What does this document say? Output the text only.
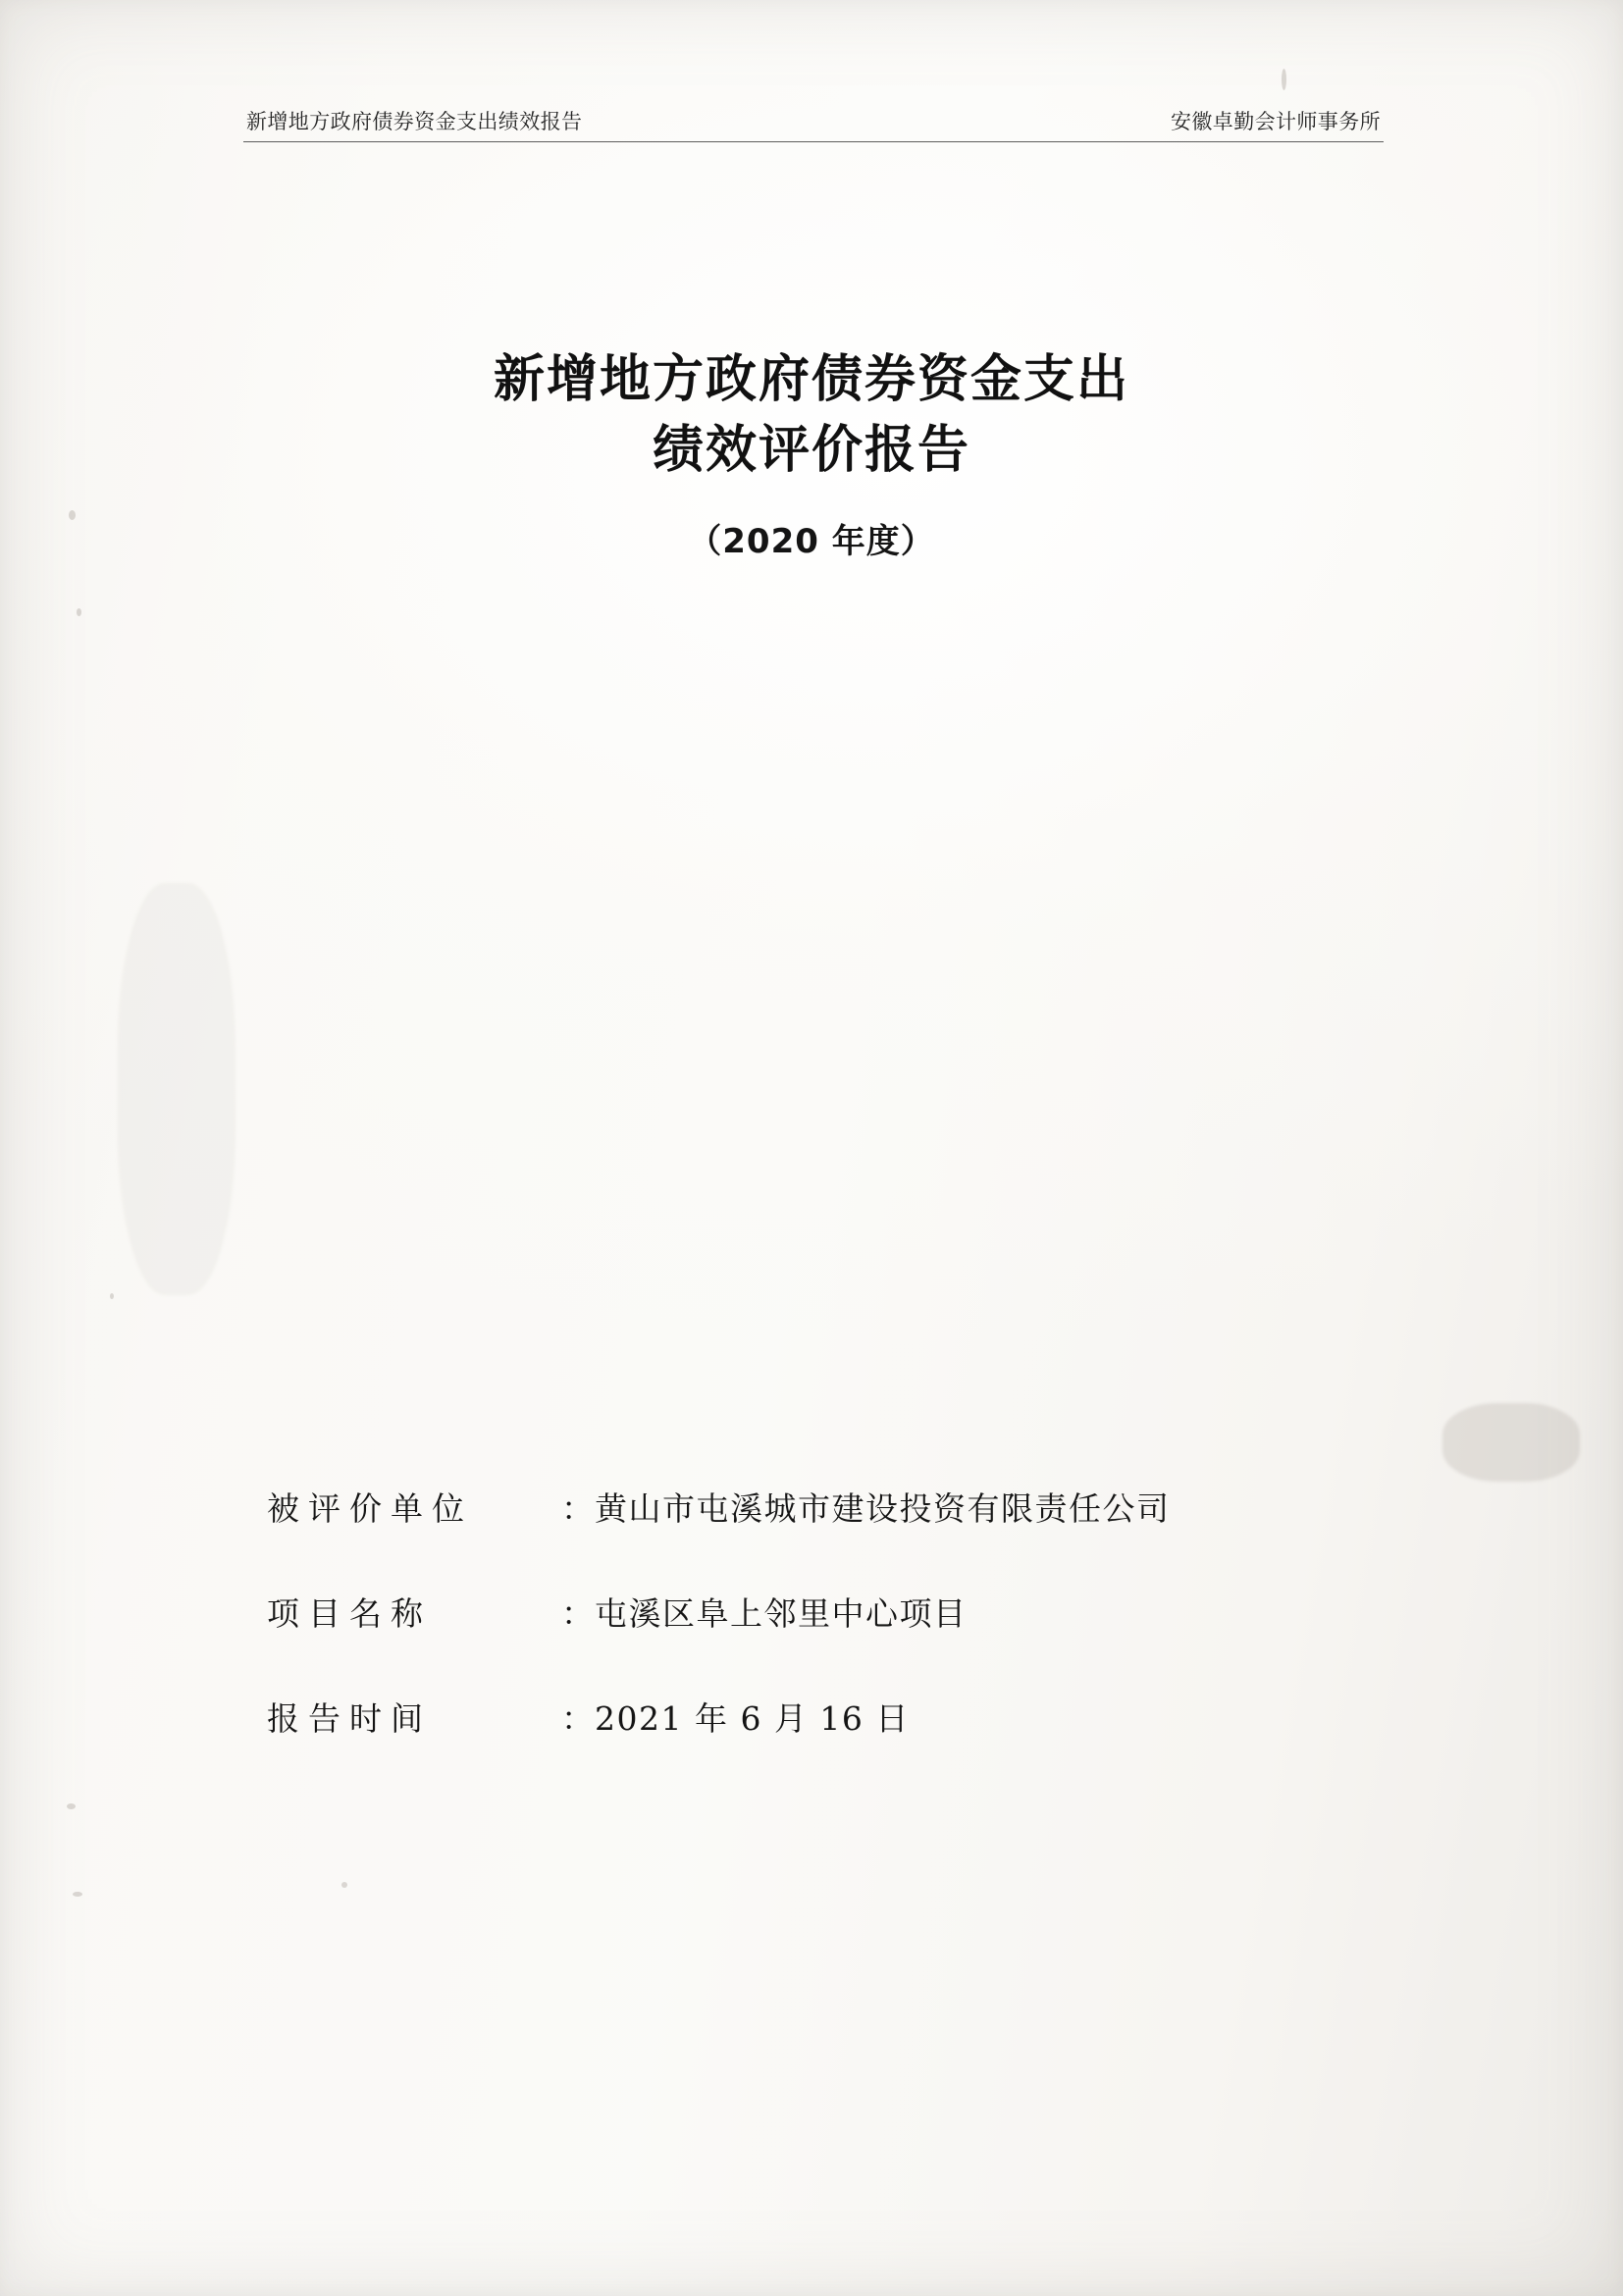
新增地方政府债券资金支出绩效报告	安徽卓勤会计师事务所
新增地方政府债券资金支出
绩效评价报告
（2020 年度）
被评价单位	： 黄山市屯溪城市建设投资有限责任公司
项目名称	： 屯溪区阜上邻里中心项目
报告时间	： 2021 年 6 月 16 日
